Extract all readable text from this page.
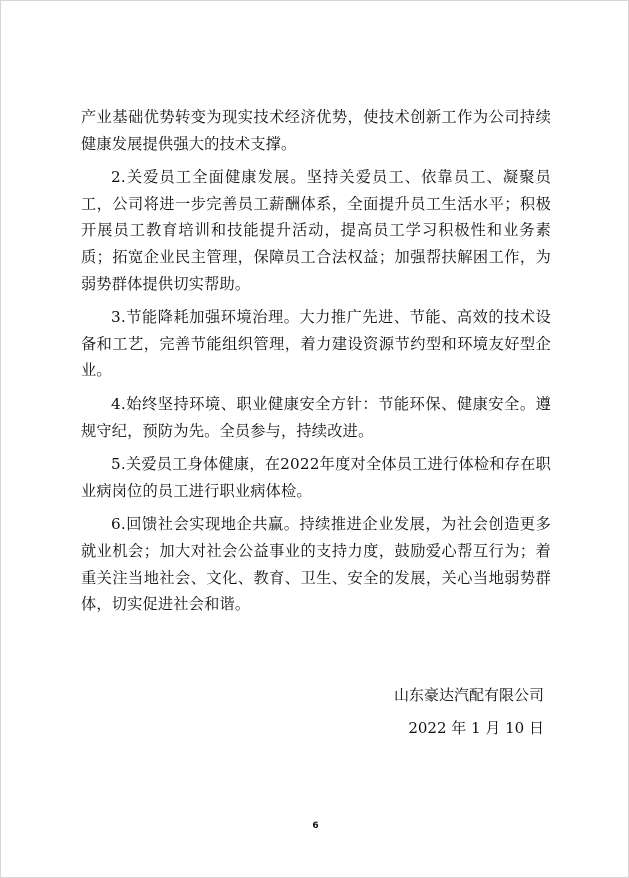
产业基础优势转变为现实技术经济优势，使技术创新工作为公司持续健康发展提供强大的技术支撑。

2.关爱员工全面健康发展。坚持关爱员工、依靠员工、凝聚员工，公司将进一步完善员工薪酬体系，全面提升员工生活水平；积极开展员工教育培训和技能提升活动，提高员工学习积极性和业务素质；拓宽企业民主管理，保障员工合法权益；加强帮扶解困工作，为弱势群体提供切实帮助。

3.节能降耗加强环境治理。大力推广先进、节能、高效的技术设备和工艺，完善节能组织管理，着力建设资源节约型和环境友好型企业。

4.始终坚持环境、职业健康安全方针：节能环保、健康安全。遵规守纪，预防为先。全员参与，持续改进。

5.关爱员工身体健康，在2022年度对全体员工进行体检和存在职业病岗位的员工进行职业病体检。

6.回馈社会实现地企共赢。持续推进企业发展，为社会创造更多就业机会；加大对社会公益事业的支持力度，鼓励爱心帮互行为；着重关注当地社会、文化、教育、卫生、安全的发展，关心当地弱势群体，切实促进社会和谐。

山东豪达汽配有限公司
2022 年 1 月 10 日
6
